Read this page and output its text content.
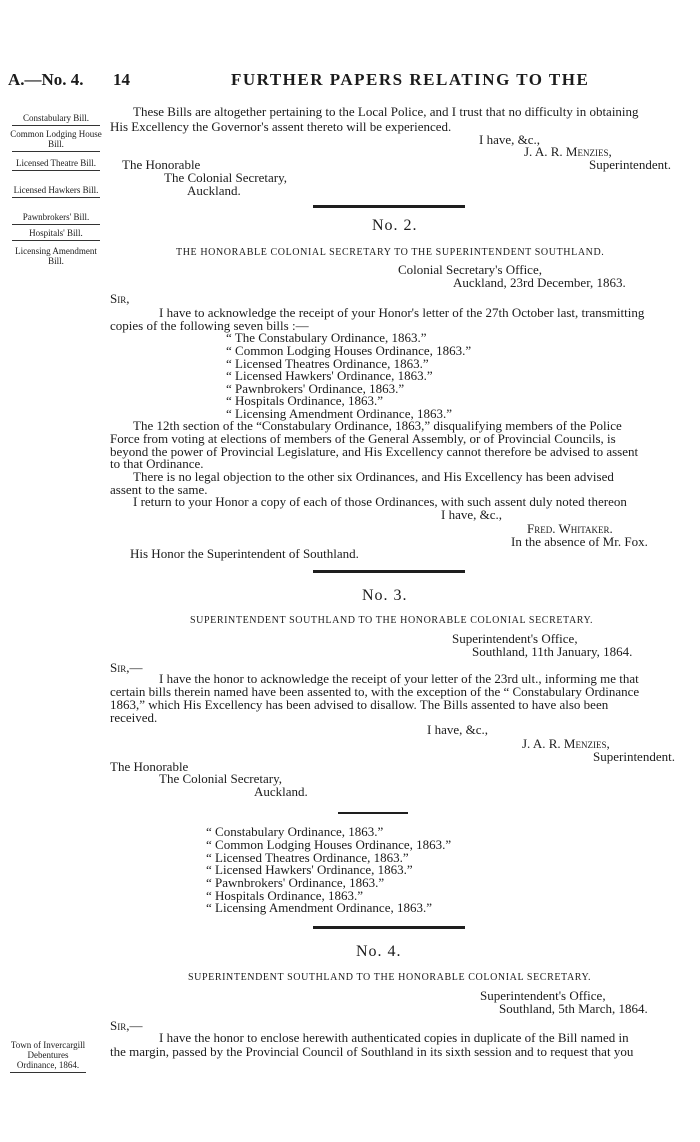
A.—No. 4. 14	FURTHER PAPERS RELATING TO THE
Constabulary Bill.
Common Lodging House Bill.
Licensed Theatre Bill.
Licensed Hawkers Bill.
Pawnbrokers' Bill.
Hospitals' Bill.
Licensing Amendment Bill.
Town of Invercargill Debentures Ordinance, 1864.
These Bills are altogether pertaining to the Local Police, and I trust that no difficulty in obtaining
His Excellency the Governor's assent thereto will be experienced.
I have, &c.,
J. A. R. Menzies,
Superintendent.
The Honorable
The Colonial Secretary,
Auckland.
No. 2.
THE HONORABLE COLONIAL SECRETARY TO THE SUPERINTENDENT SOUTHLAND.
Colonial Secretary's Office,
Auckland, 23rd December, 1863.
Sir,
I have to acknowledge the receipt of your Honor's letter of the 27th October last, transmitting
copies of the following seven bills :—
“ The Constabulary Ordinance, 1863.”
“ Common Lodging Houses Ordinance, 1863.”
“ Licensed Theatres Ordinance, 1863.”
“ Licensed Hawkers' Ordinance, 1863.”
“ Pawnbrokers' Ordinance, 1863.”
“ Hospitals Ordinance, 1863.”
“ Licensing Amendment Ordinance, 1863.”
The 12th section of the “Constabulary Ordinance, 1863,” disqualifying members of the Police
Force from voting at elections of members of the General Assembly, or of Provincial Councils, is
beyond the power of Provincial Legislature, and His Excellency cannot therefore be advised to assent
to that Ordinance.
There is no legal objection to the other six Ordinances, and His Excellency has been advised
assent to the same.
I return to your Honor a copy of each of those Ordinances, with such assent duly noted thereon
I have, &c.,
Fred. Whitaker.
In the absence of Mr. Fox.
His Honor the Superintendent of Southland.
No. 3.
SUPERINTENDENT SOUTHLAND TO THE HONORABLE COLONIAL SECRETARY.
Superintendent's Office,
Southland, 11th January, 1864.
Sir,—
I have the honor to acknowledge the receipt of your letter of the 23rd ult., informing me that
certain bills therein named have been assented to, with the exception of the “ Constabulary Ordinance
1863,” which His Excellency has been advised to disallow. The Bills assented to have also been
received.
I have, &c.,
J. A. R. Menzies,
Superintendent.
The Honorable
The Colonial Secretary,
Auckland.
“ Constabulary Ordinance, 1863.”
“ Common Lodging Houses Ordinance, 1863.”
“ Licensed Theatres Ordinance, 1863.”
“ Licensed Hawkers' Ordinance, 1863.”
“ Pawnbrokers' Ordinance, 1863.”
“ Hospitals Ordinance, 1863.”
“ Licensing Amendment Ordinance, 1863.”
No. 4.
SUPERINTENDENT SOUTHLAND TO THE HONORABLE COLONIAL SECRETARY.
Superintendent's Office,
Southland, 5th March, 1864.
Sir,—
I have the honor to enclose herewith authenticated copies in duplicate of the Bill named in
the margin, passed by the Provincial Council of Southland in its sixth session and to request that you
